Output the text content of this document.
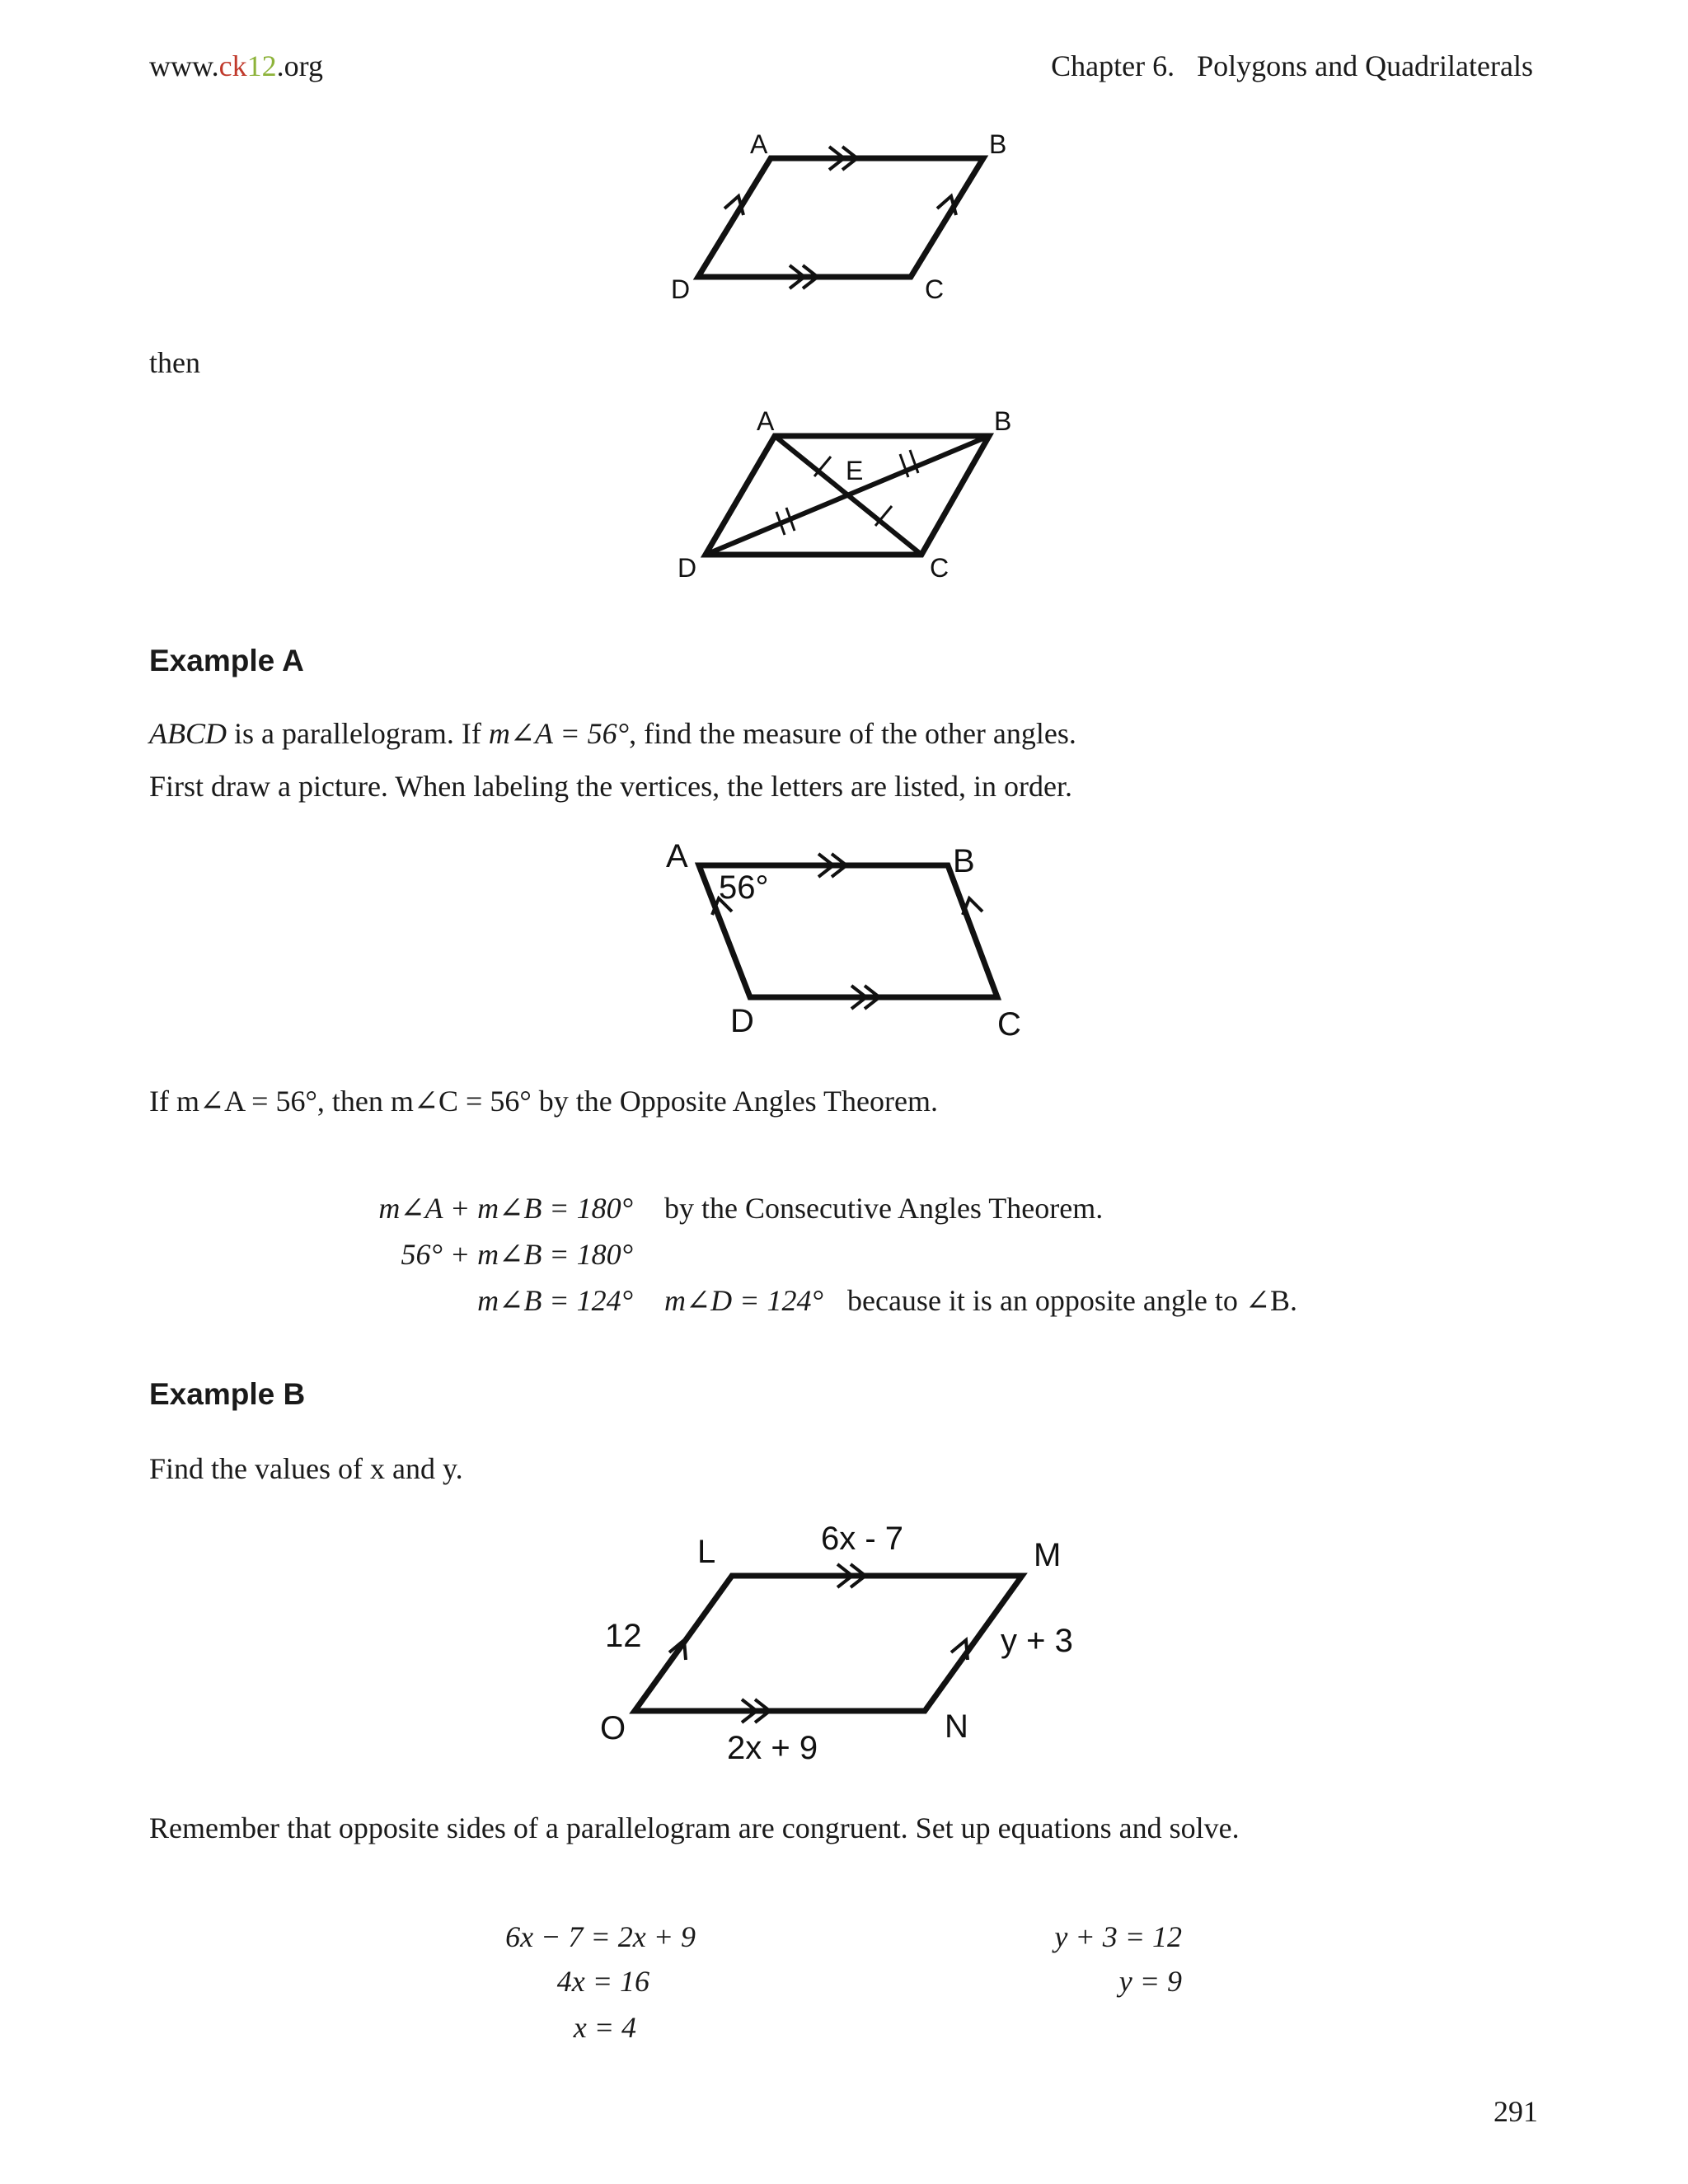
www.ck12.org	Chapter 6.   Polygons and Quadrilaterals
A	B
C
D
then
A	B
C
D
E
Example A
ABCD is a parallelogram. If m∠A = 56°, find the measure of the other angles.
First draw a picture. When labeling the vertices, the letters are listed, in order.
56°
A	B
C
D
If m∠A = 56°, then m∠C = 56° by the Opposite Angles Theorem.
m∠A + m∠B = 180° by the Consecutive Angles Theorem.
56° + m∠B = 180°
m∠B = 124° m∠D = 124° because it is an opposite angle to ∠B.
Example B
Find the values of x and y.
6x - 7
2x + 9
12	y + 3
L	M
N
O
Remember that opposite sides of a parallelogram are congruent. Set up equations and solve.
6x − 7 = 2x + 9
4x = 16
x = 4
y + 3 = 12
y = 9
291
